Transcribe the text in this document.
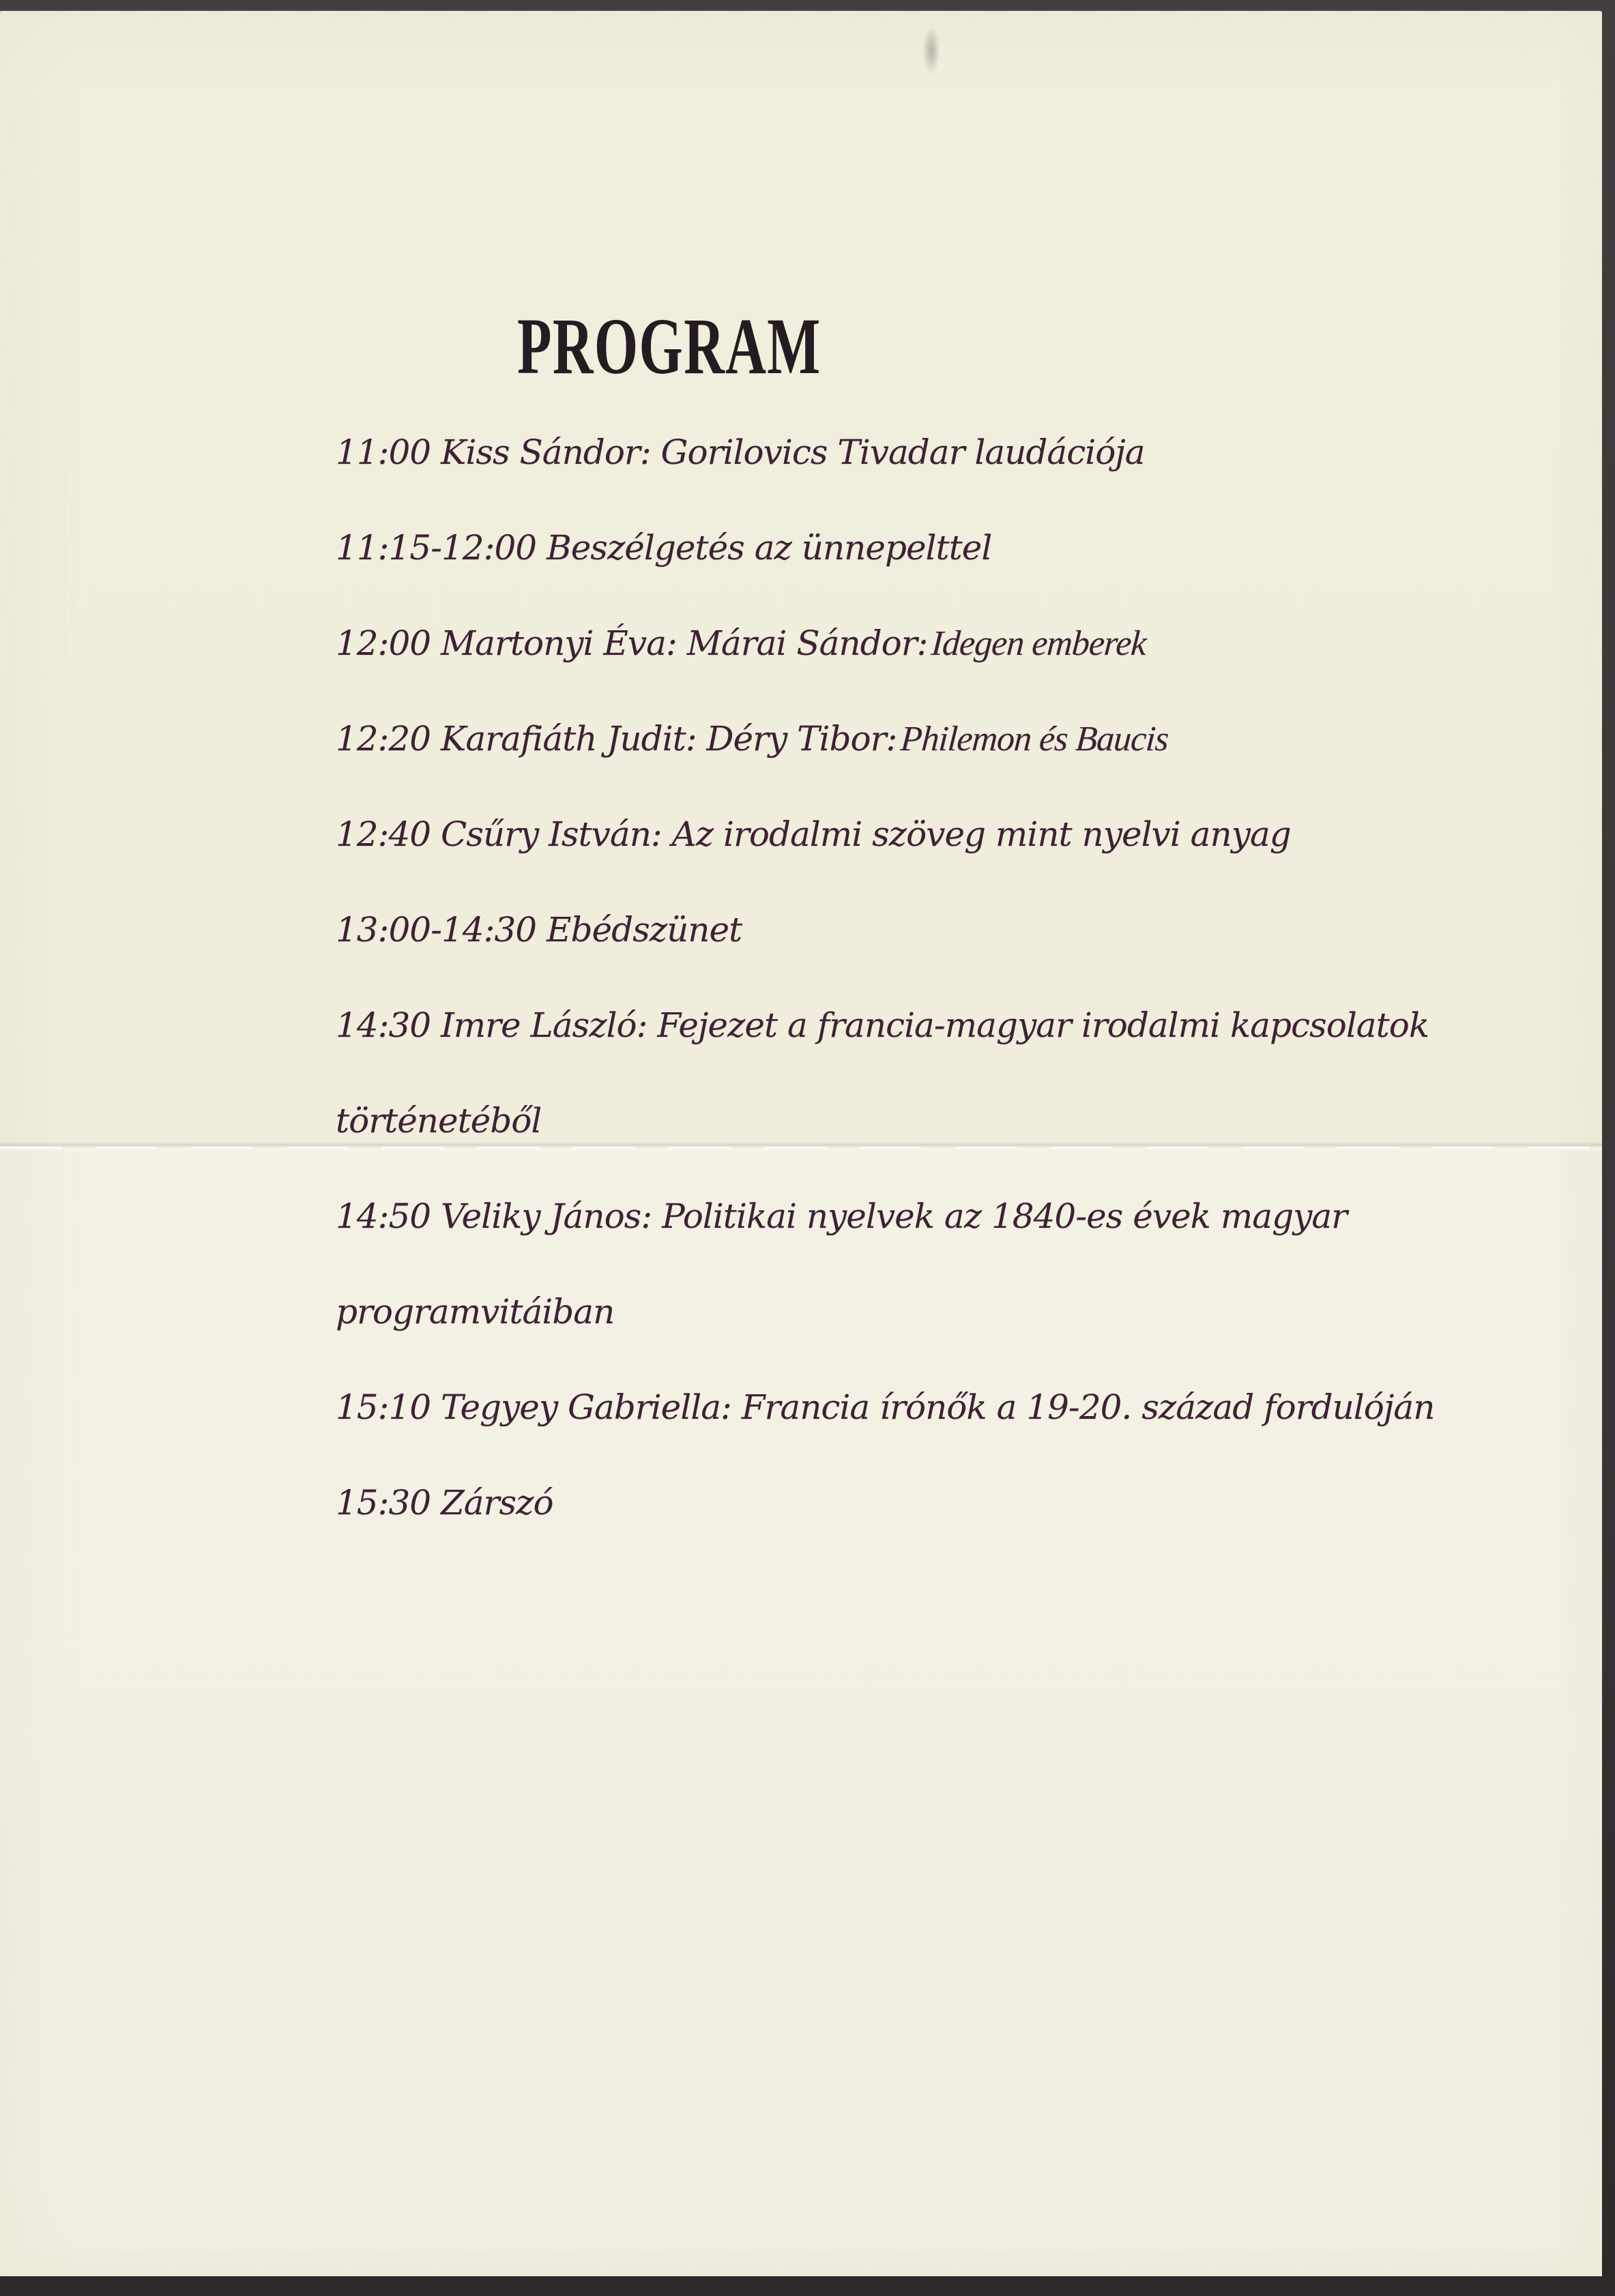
PROGRAM
11:00 Kiss Sándor: Gorilovics Tivadar laudációja
11:15-12:00 Beszélgetés az ünnepelttel
12:00 Martonyi Éva: Márai Sándor: Idegen emberek
12:20 Karafiáth Judit: Déry Tibor: Philemon és Baucis
12:40 Csűry István: Az irodalmi szöveg mint nyelvi anyag
13:00-14:30 Ebédszünet
14:30 Imre László: Fejezet a francia-magyar irodalmi kapcsolatok
történetéből
14:50 Veliky János: Politikai nyelvek az 1840-es évek magyar
programvitáiban
15:10 Tegyey Gabriella: Francia írónők a 19-20. század fordulóján
15:30 Zárszó
